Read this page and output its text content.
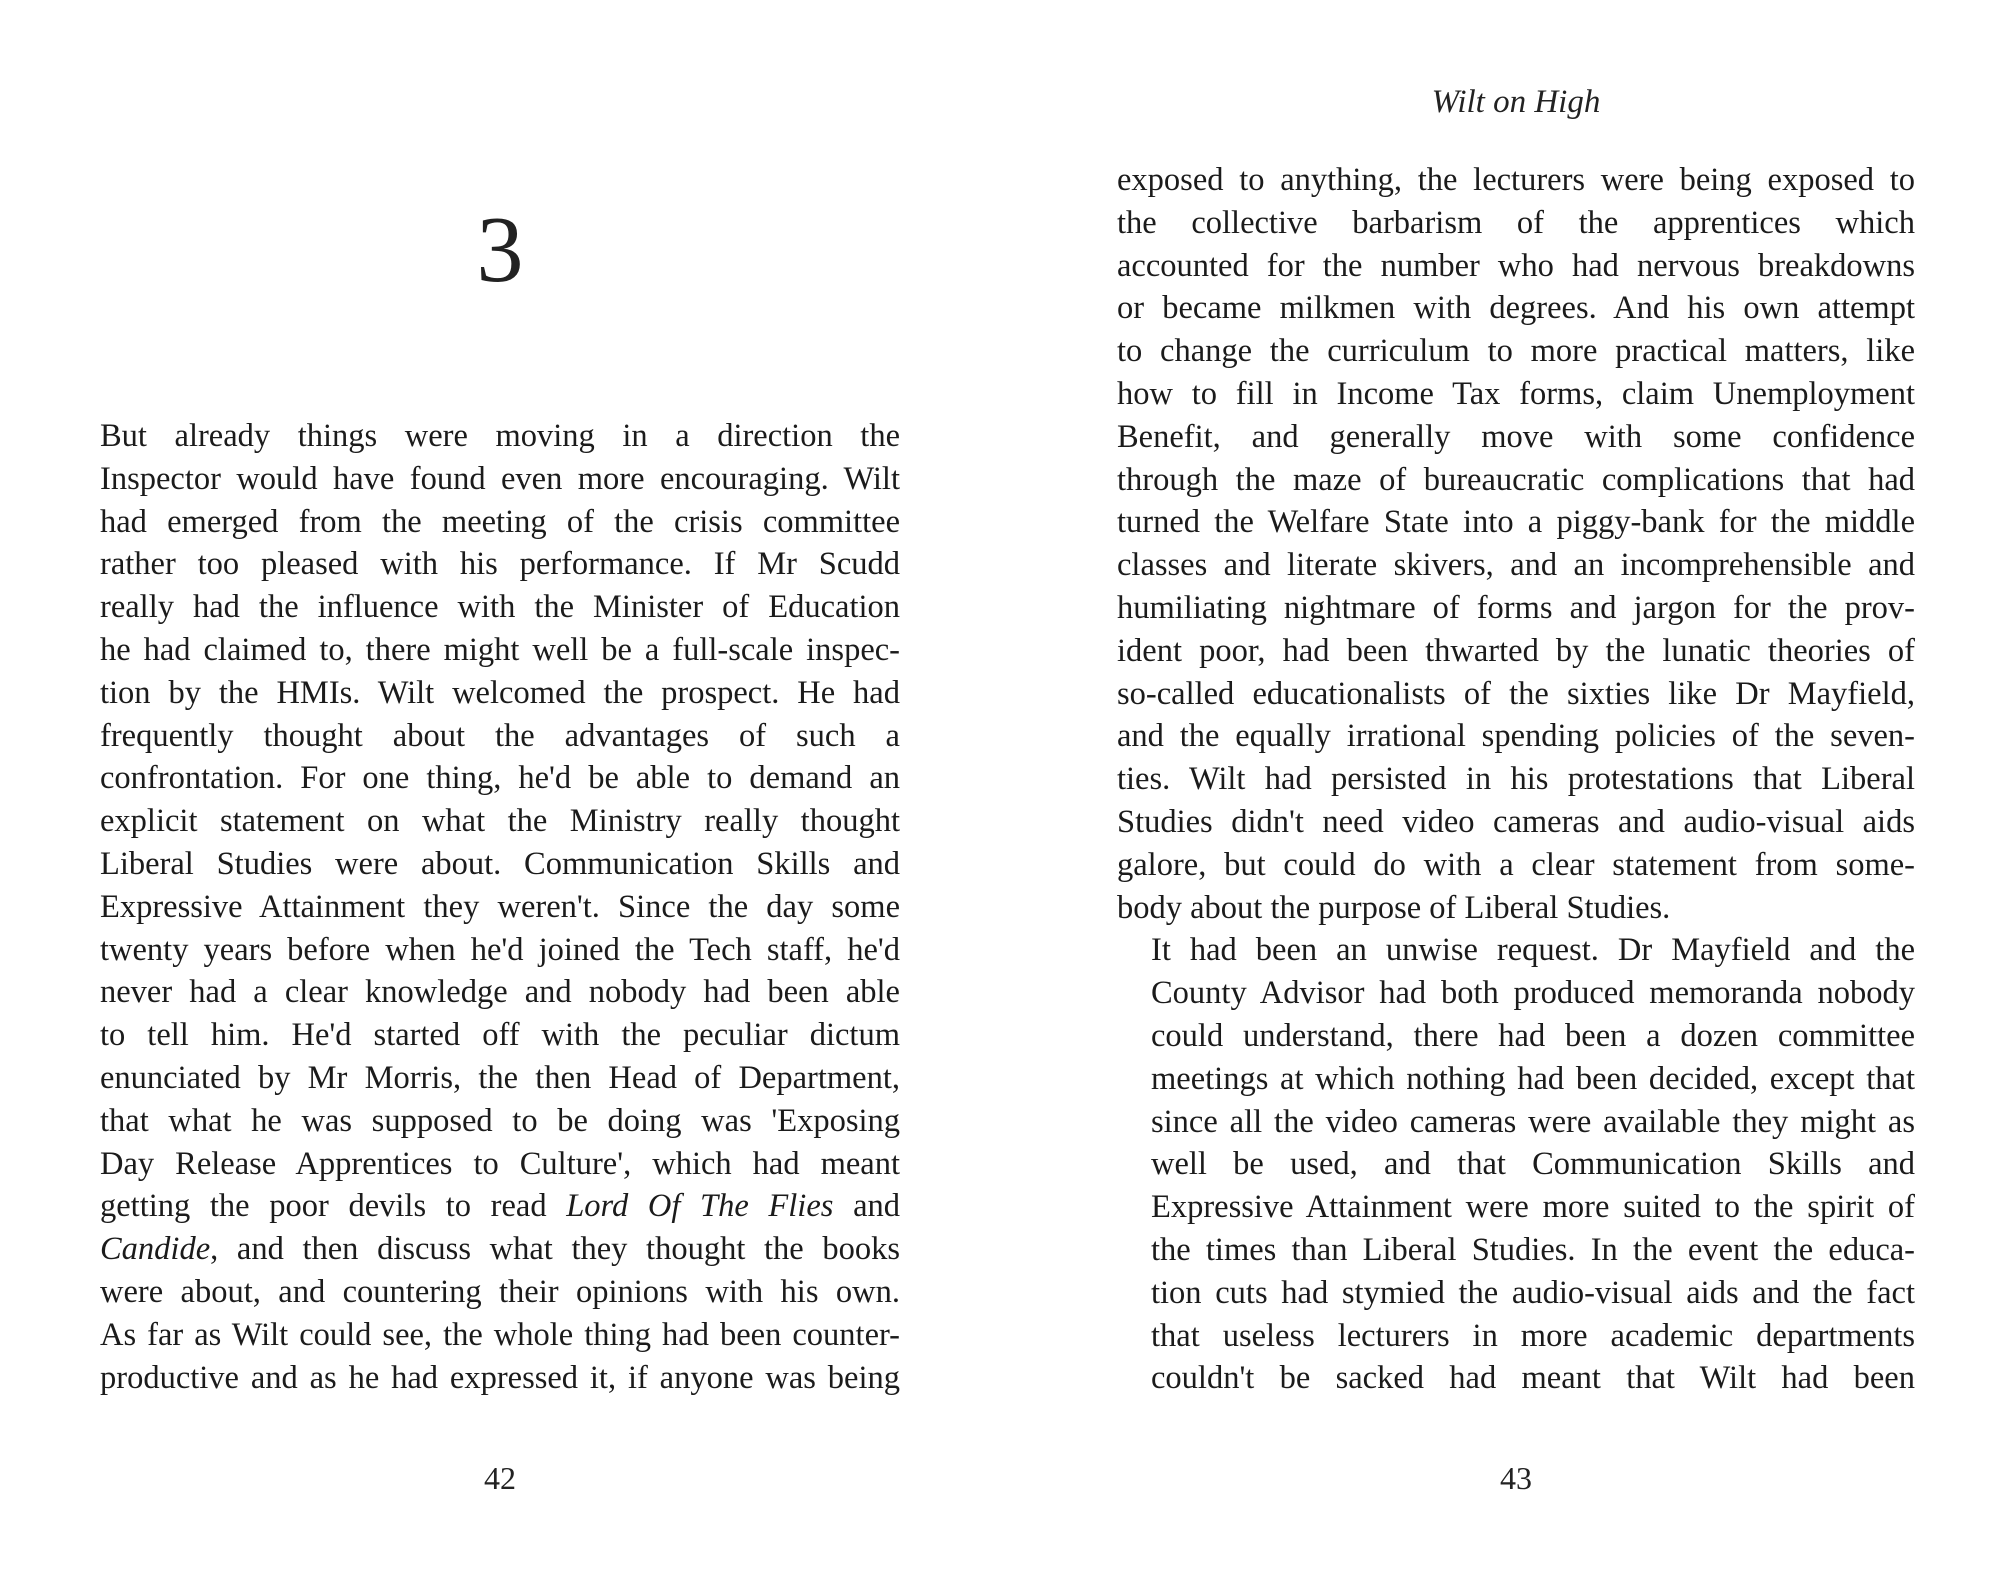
3

But already things were moving in a direction the
Inspector would have found even more encouraging. Wilt
had emerged from the meeting of the crisis committee
rather too pleased with his performance. If Mr Scudd
really had the influence with the Minister of Education
he had claimed to, there might well be a full-scale inspec-
tion by the HMIs. Wilt welcomed the prospect. He had
frequently thought about the advantages of such a
confrontation. For one thing, he'd be able to demand an
explicit statement on what the Ministry really thought
Liberal Studies were about. Communication Skills and
Expressive Attainment they weren't. Since the day some
twenty years before when he'd joined the Tech staff, he'd
never had a clear knowledge and nobody had been able
to tell him. He'd started off with the peculiar dictum
enunciated by Mr Morris, the then Head of Department,
that what he was supposed to be doing was 'Exposing
Day Release Apprentices to Culture', which had meant
getting the poor devils to read Lord Of The Flies and
Candide, and then discuss what they thought the books
were about, and countering their opinions with his own.
As far as Wilt could see, the whole thing had been counter-
productive and as he had expressed it, if anyone was being

42
Wilt on High

exposed to anything, the lecturers were being exposed to
the collective barbarism of the apprentices which
accounted for the number who had nervous breakdowns
or became milkmen with degrees. And his own attempt
to change the curriculum to more practical matters, like
how to fill in Income Tax forms, claim Unemployment
Benefit, and generally move with some confidence
through the maze of bureaucratic complications that had
turned the Welfare State into a piggy-bank for the middle
classes and literate skivers, and an incomprehensible and
humiliating nightmare of forms and jargon for the prov-
ident poor, had been thwarted by the lunatic theories of
so-called educationalists of the sixties like Dr Mayfield,
and the equally irrational spending policies of the seven-
ties. Wilt had persisted in his protestations that Liberal
Studies didn't need video cameras and audio-visual aids
galore, but could do with a clear statement from some-
body about the purpose of Liberal Studies.

It had been an unwise request. Dr Mayfield and the
County Advisor had both produced memoranda nobody
could understand, there had been a dozen committee
meetings at which nothing had been decided, except that
since all the video cameras were available they might as
well be used, and that Communication Skills and
Expressive Attainment were more suited to the spirit of
the times than Liberal Studies. In the event the educa-
tion cuts had stymied the audio-visual aids and the fact
that useless lecturers in more academic departments
couldn't be sacked had meant that Wilt had been

43
